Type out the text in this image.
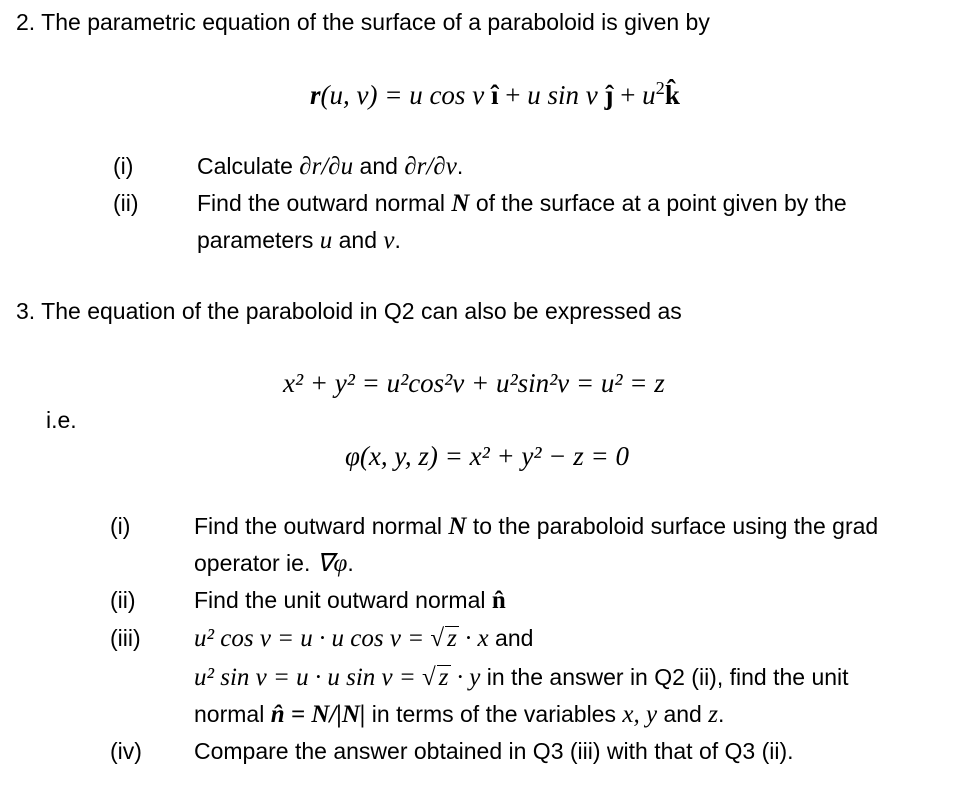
2. The parametric equation of the surface of a paraboloid is given by
r(u, v) = u cos v î + u sin v ĵ + $u^2k̂$
(i)	Calculate ∂r/∂u and ∂r/∂v.
(ii)	Find the outward normal N of the surface at a point given by the
parameters u and v.
3. The equation of the paraboloid in Q2 can also be expressed as
x² + y² = u²cos²v + u²sin²v = u² = z
i.e.
φ(x, y, z) = x² + y² − z = 0
(i)	Find the outward normal N to the paraboloid surface using the grad
operator ie. ∇φ.
(ii)	Find the unit outward normal n̂
(iii) u² cos v = u · u cos v = √ z · x and
u² sin v = u · u sin v = √ z · y in the answer in Q2 (ii), find the unit
normal n̂ = N/|N| in terms of the variables x, y and z.
(iv) Compare the answer obtained in Q3 (iii) with that of Q3 (ii).
